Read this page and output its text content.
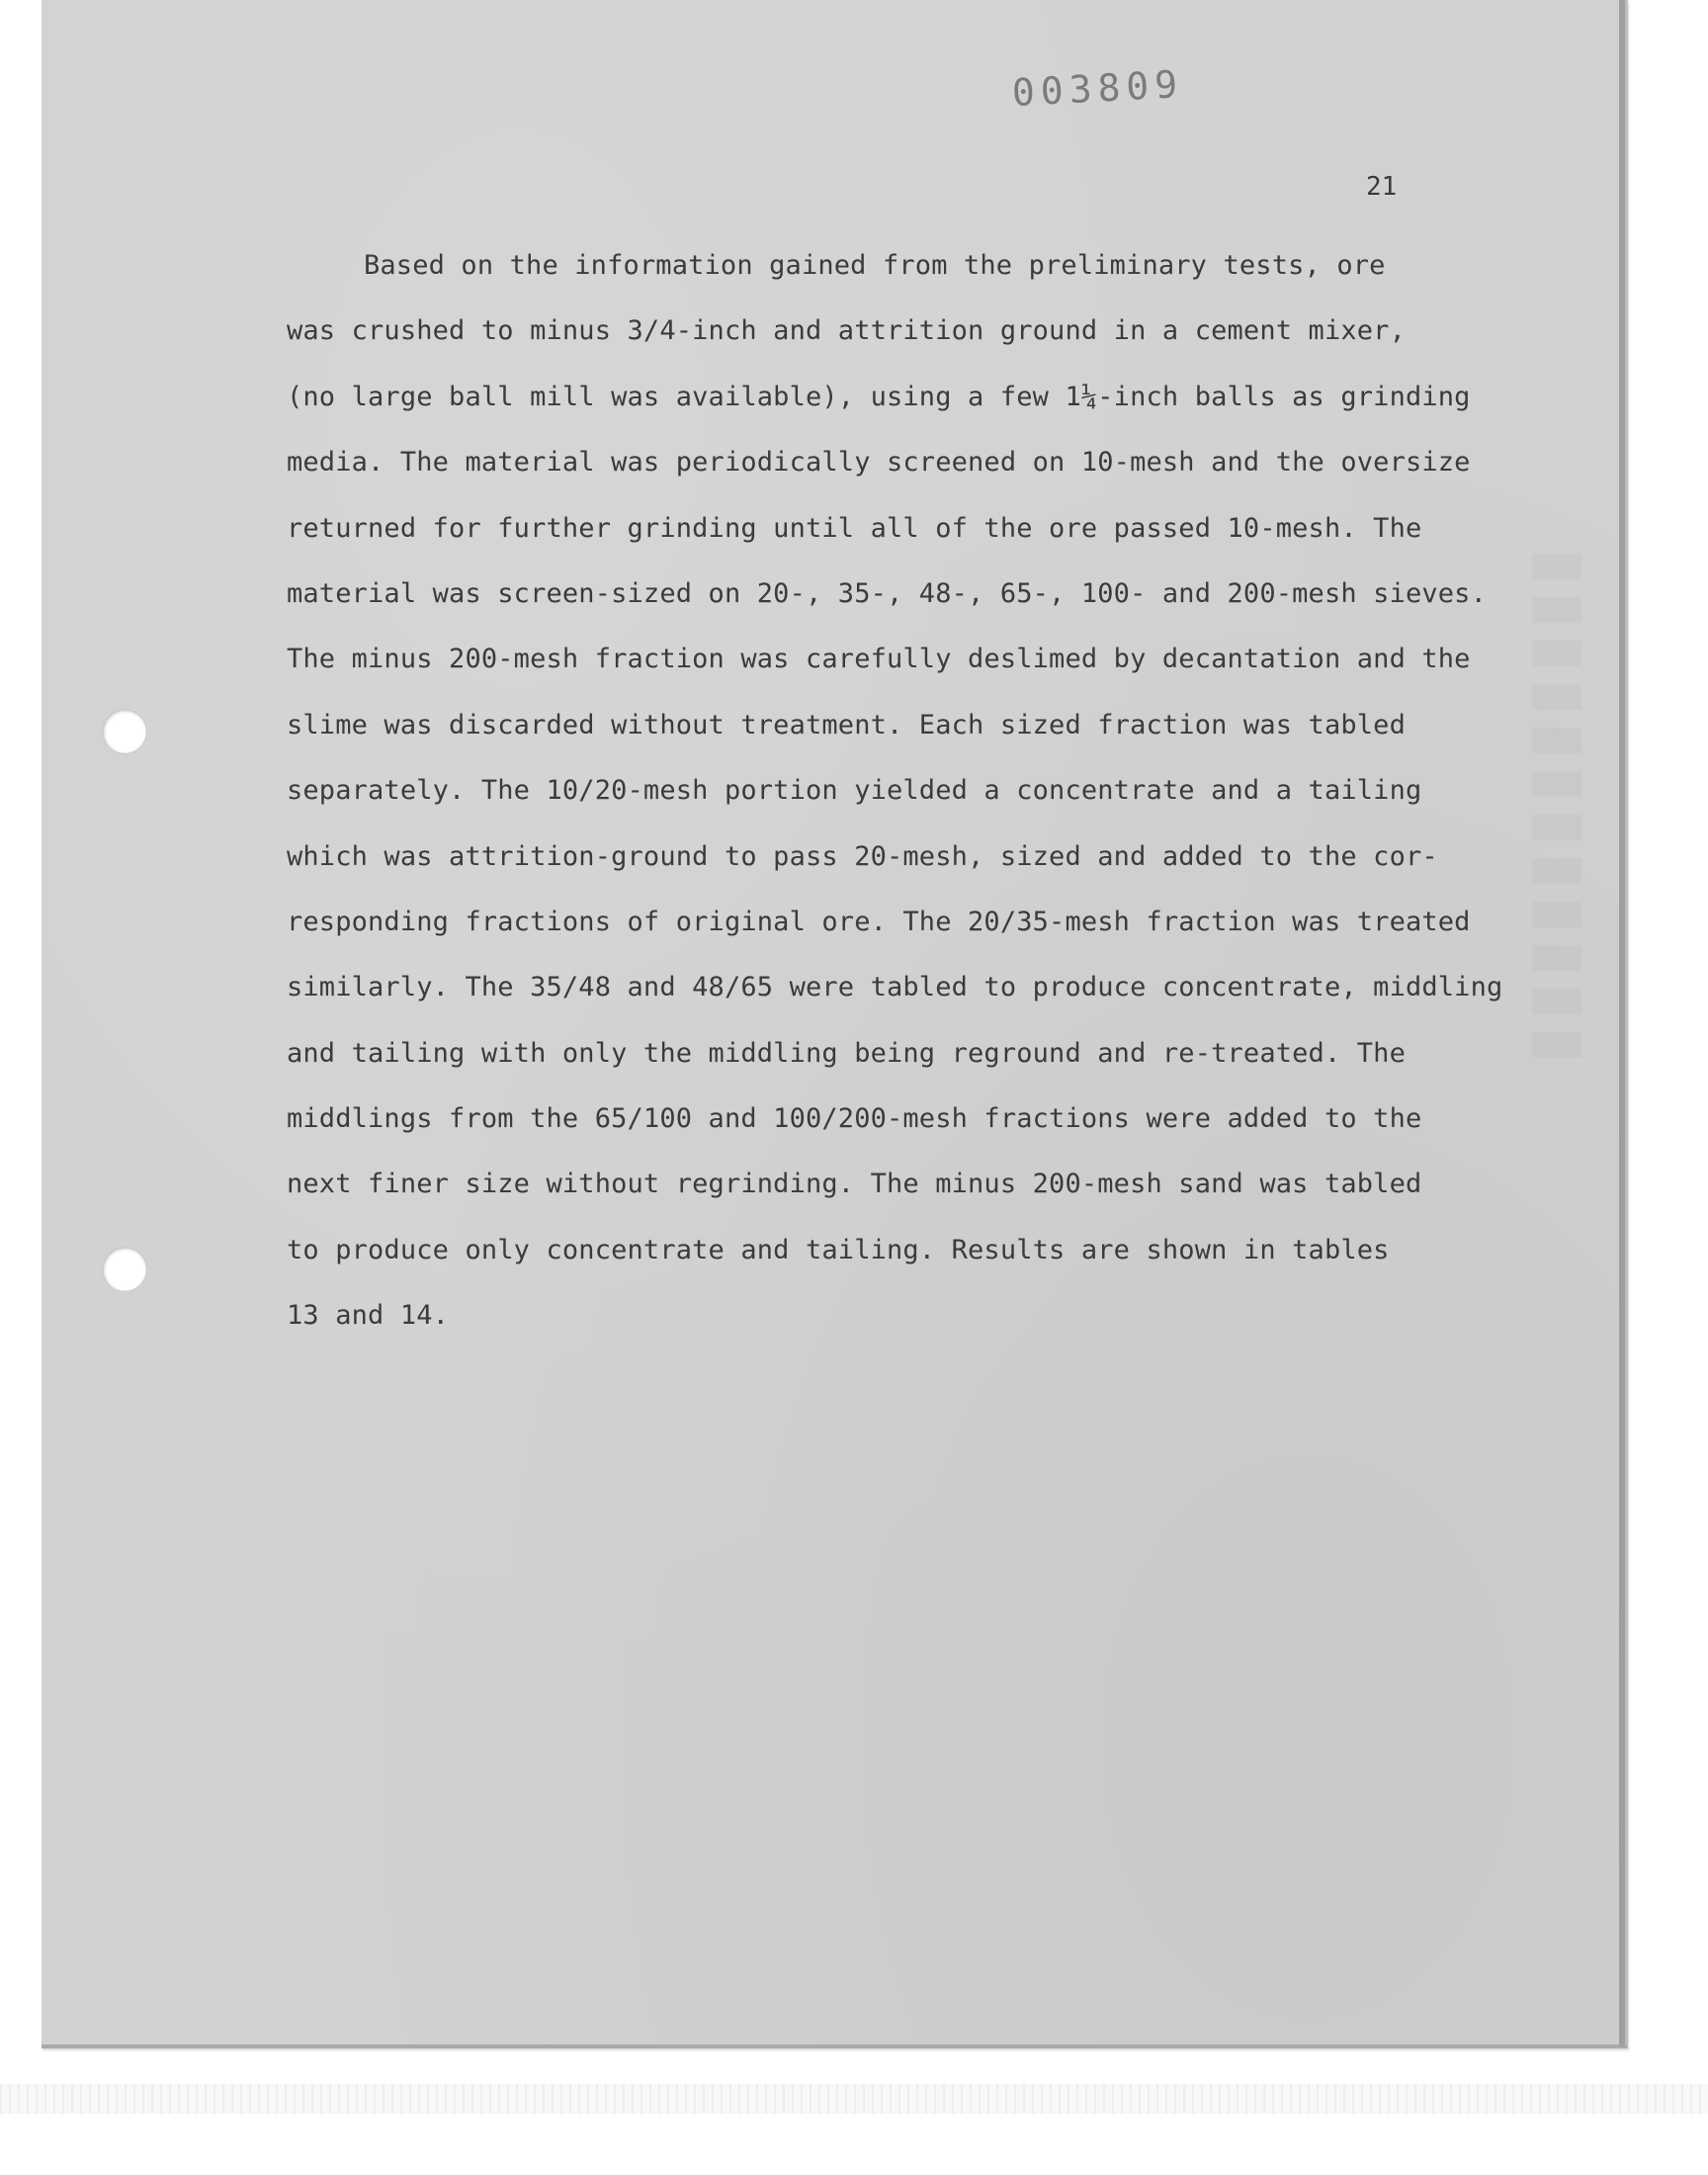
003809
21
Based on the information gained from the preliminary tests, ore
was crushed to minus 3/4-inch and attrition ground in a cement mixer,
(no large ball mill was available), using a few 1¼-inch balls as grinding
media. The material was periodically screened on 10-mesh and the oversize
returned for further grinding until all of the ore passed 10-mesh. The
material was screen-sized on 20-, 35-, 48-, 65-, 100- and 200-mesh sieves.
The minus 200-mesh fraction was carefully deslimed by decantation and the
slime was discarded without treatment. Each sized fraction was tabled
separately. The 10/20-mesh portion yielded a concentrate and a tailing
which was attrition-ground to pass 20-mesh, sized and added to the cor-
responding fractions of original ore. The 20/35-mesh fraction was treated
similarly. The 35/48 and 48/65 were tabled to produce concentrate, middling
and tailing with only the middling being reground and re-treated. The
middlings from the 65/100 and 100/200-mesh fractions were added to the
next finer size without regrinding. The minus 200-mesh sand was tabled
to produce only concentrate and tailing. Results are shown in tables
13 and 14.
